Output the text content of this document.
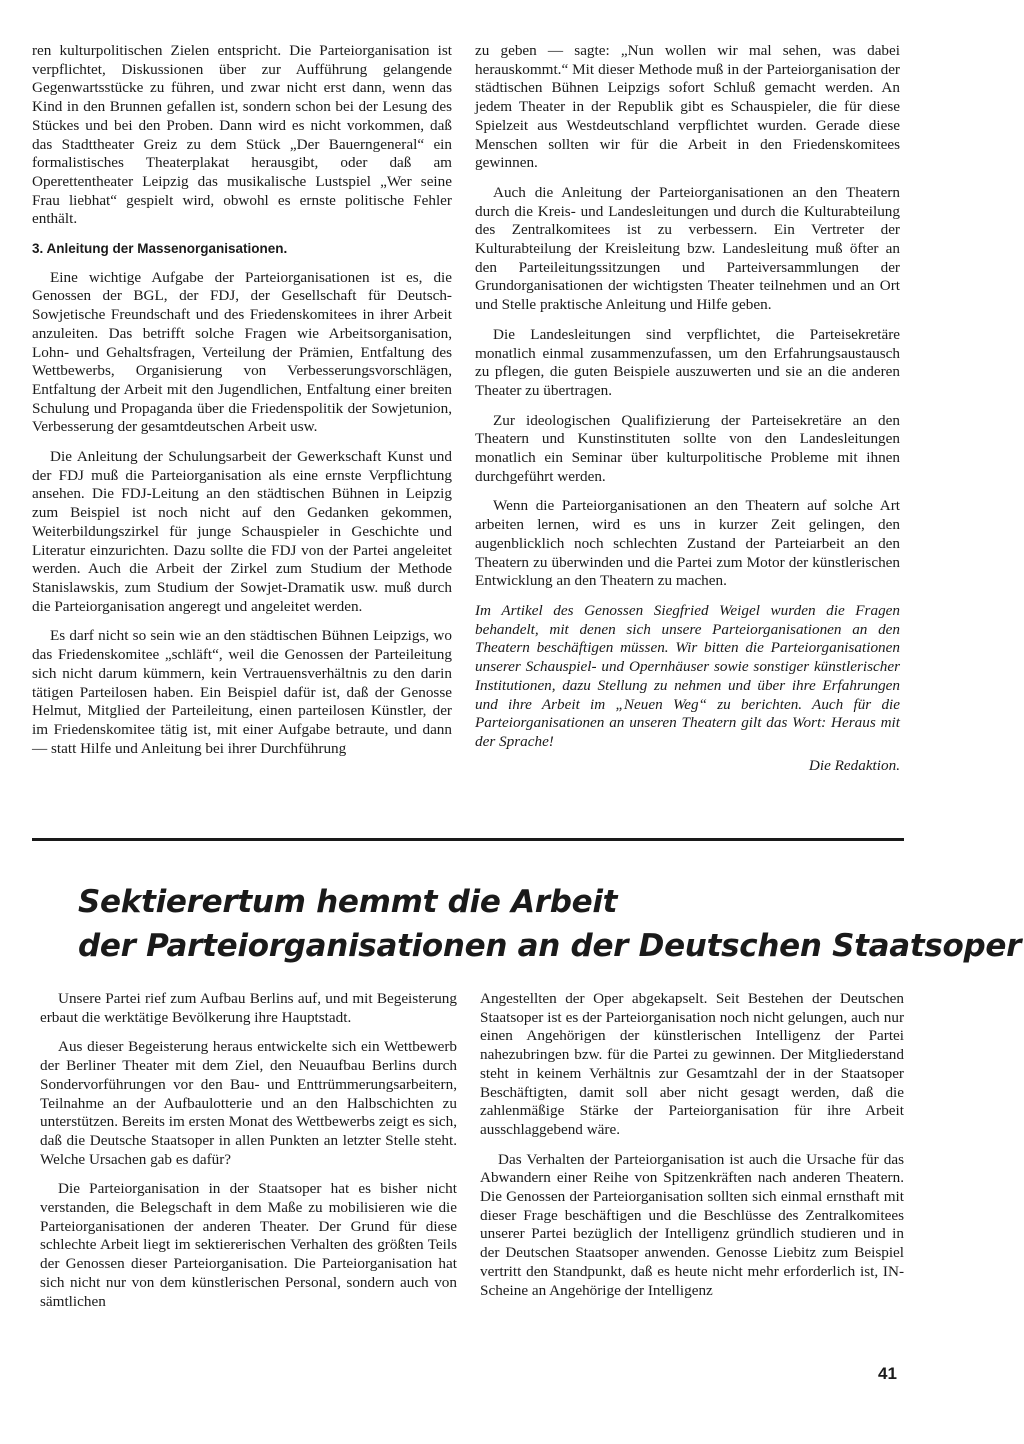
ren kulturpolitischen Zielen entspricht. Die Parteiorganisation ist verpflichtet, Diskussionen über zur Aufführung gelangende Gegenwartsstücke zu führen, und zwar nicht erst dann, wenn das Kind in den Brunnen gefallen ist, sondern schon bei der Lesung des Stückes und bei den Proben. Dann wird es nicht vorkommen, daß das Stadttheater Greiz zu dem Stück „Der Bauerngeneral“ ein formalistisches Theaterplakat herausgibt, oder daß am Operettentheater Leipzig das musikalische Lustspiel „Wer seine Frau liebhat“ gespielt wird, obwohl es ernste politische Fehler enthält.

3. Anleitung der Massenorganisationen.

Eine wichtige Aufgabe der Parteiorganisationen ist es, die Genossen der BGL, der FDJ, der Gesellschaft für Deutsch-Sowjetische Freundschaft und des Friedenskomitees in ihrer Arbeit anzuleiten. Das betrifft solche Fragen wie Arbeitsorganisation, Lohn- und Gehaltsfragen, Verteilung der Prämien, Entfaltung des Wettbewerbs, Organisierung von Verbesserungsvorschlägen, Entfaltung der Arbeit mit den Jugendlichen, Entfaltung einer breiten Schulung und Propaganda über die Friedenspolitik der Sowjetunion, Verbesserung der gesamtdeutschen Arbeit usw.

Die Anleitung der Schulungsarbeit der Gewerkschaft Kunst und der FDJ muß die Parteiorganisation als eine ernste Verpflichtung ansehen. Die FDJ-Leitung an den städtischen Bühnen in Leipzig zum Beispiel ist noch nicht auf den Gedanken gekommen, Weiterbildungszirkel für junge Schauspieler in Geschichte und Literatur einzurichten. Dazu sollte die FDJ von der Partei angeleitet werden. Auch die Arbeit der Zirkel zum Studium der Methode Stanislawskis, zum Studium der Sowjet-Dramatik usw. muß durch die Parteiorganisation angeregt und angeleitet werden.

Es darf nicht so sein wie an den städtischen Bühnen Leipzigs, wo das Friedenskomitee „schläft“, weil die Genossen der Parteileitung sich nicht darum kümmern, kein Vertrauensverhältnis zu den darin tätigen Parteilosen haben. Ein Beispiel dafür ist, daß der Genosse Helmut, Mitglied der Parteileitung, einen parteilosen Künstler, der im Friedenskomitee tätig ist, mit einer Aufgabe betraute, und dann — statt Hilfe und Anleitung bei ihrer Durchführung

zu geben — sagte: „Nun wollen wir mal sehen, was dabei herauskommt.“ Mit dieser Methode muß in der Parteiorganisation der städtischen Bühnen Leipzigs sofort Schluß gemacht werden. An jedem Theater in der Republik gibt es Schauspieler, die für diese Spielzeit aus Westdeutschland verpflichtet wurden. Gerade diese Menschen sollten wir für die Arbeit in den Friedenskomitees gewinnen.

Auch die Anleitung der Parteiorganisationen an den Theatern durch die Kreis- und Landesleitungen und durch die Kulturabteilung des Zentralkomitees ist zu verbessern. Ein Vertreter der Kulturabteilung der Kreisleitung bzw. Landesleitung muß öfter an den Parteileitungssitzungen und Parteiversammlungen der Grundorganisationen der wichtigsten Theater teilnehmen und an Ort und Stelle praktische Anleitung und Hilfe geben.

Die Landesleitungen sind verpflichtet, die Parteisekretäre monatlich einmal zusammenzufassen, um den Erfahrungsaustausch zu pflegen, die guten Beispiele auszuwerten und sie an die anderen Theater zu übertragen.

Zur ideologischen Qualifizierung der Parteisekretäre an den Theatern und Kunstinstituten sollte von den Landesleitungen monatlich ein Seminar über kulturpolitische Probleme mit ihnen durchgeführt werden.

Wenn die Parteiorganisationen an den Theatern auf solche Art arbeiten lernen, wird es uns in kurzer Zeit gelingen, den augenblicklich noch schlechten Zustand der Parteiarbeit an den Theatern zu überwinden und die Partei zum Motor der künstlerischen Entwicklung an den Theatern zu machen.

Im Artikel des Genossen Siegfried Weigel wurden die Fragen behandelt, mit denen sich unsere Parteiorganisationen an den Theatern beschäftigen müssen. Wir bitten die Parteiorganisationen unserer Schauspiel- und Opernhäuser sowie sonstiger künstlerischer Institutionen, dazu Stellung zu nehmen und über ihre Erfahrungen und ihre Arbeit im „Neuen Weg“ zu berichten. Auch für die Parteiorganisationen an unseren Theatern gilt das Wort: Heraus mit der Sprache!

Die Redaktion.

Sektierertum hemmt die Arbeit
der Parteiorganisationen an der Deutschen Staatsoper

Unsere Partei rief zum Aufbau Berlins auf, und mit Begeisterung erbaut die werktätige Bevölkerung ihre Hauptstadt.

Aus dieser Begeisterung heraus entwickelte sich ein Wettbewerb der Berliner Theater mit dem Ziel, den Neuaufbau Berlins durch Sondervorführungen vor den Bau- und Enttrümmerungsarbeitern, Teilnahme an der Aufbaulotterie und an den Halbschichten zu unterstützen. Bereits im ersten Monat des Wettbewerbs zeigt es sich, daß die Deutsche Staatsoper in allen Punkten an letzter Stelle steht. Welche Ursachen gab es dafür?

Die Parteiorganisation in der Staatsoper hat es bisher nicht verstanden, die Belegschaft in dem Maße zu mobilisieren wie die Parteiorganisationen der anderen Theater. Der Grund für diese schlechte Arbeit liegt im sektiererischen Verhalten des größten Teils der Genossen dieser Parteiorganisation. Die Parteiorganisation hat sich nicht nur von dem künstlerischen Personal, sondern auch von sämtlichen

Angestellten der Oper abgekapselt. Seit Bestehen der Deutschen Staatsoper ist es der Parteiorganisation noch nicht gelungen, auch nur einen Angehörigen der künstlerischen Intelligenz der Partei nahezubringen bzw. für die Partei zu gewinnen. Der Mitgliederstand steht in keinem Verhältnis zur Gesamtzahl der in der Staatsoper Beschäftigten, damit soll aber nicht gesagt werden, daß die zahlenmäßige Stärke der Parteiorganisation für ihre Arbeit ausschlaggebend wäre.

Das Verhalten der Parteiorganisation ist auch die Ursache für das Abwandern einer Reihe von Spitzenkräften nach anderen Theatern. Die Genossen der Parteiorganisation sollten sich einmal ernsthaft mit dieser Frage beschäftigen und die Beschlüsse des Zentralkomitees unserer Partei bezüglich der Intelligenz gründlich studieren und in der Deutschen Staatsoper anwenden. Genosse Liebitz zum Beispiel vertritt den Standpunkt, daß es heute nicht mehr erforderlich ist, IN-Scheine an Angehörige der Intelligenz

41
